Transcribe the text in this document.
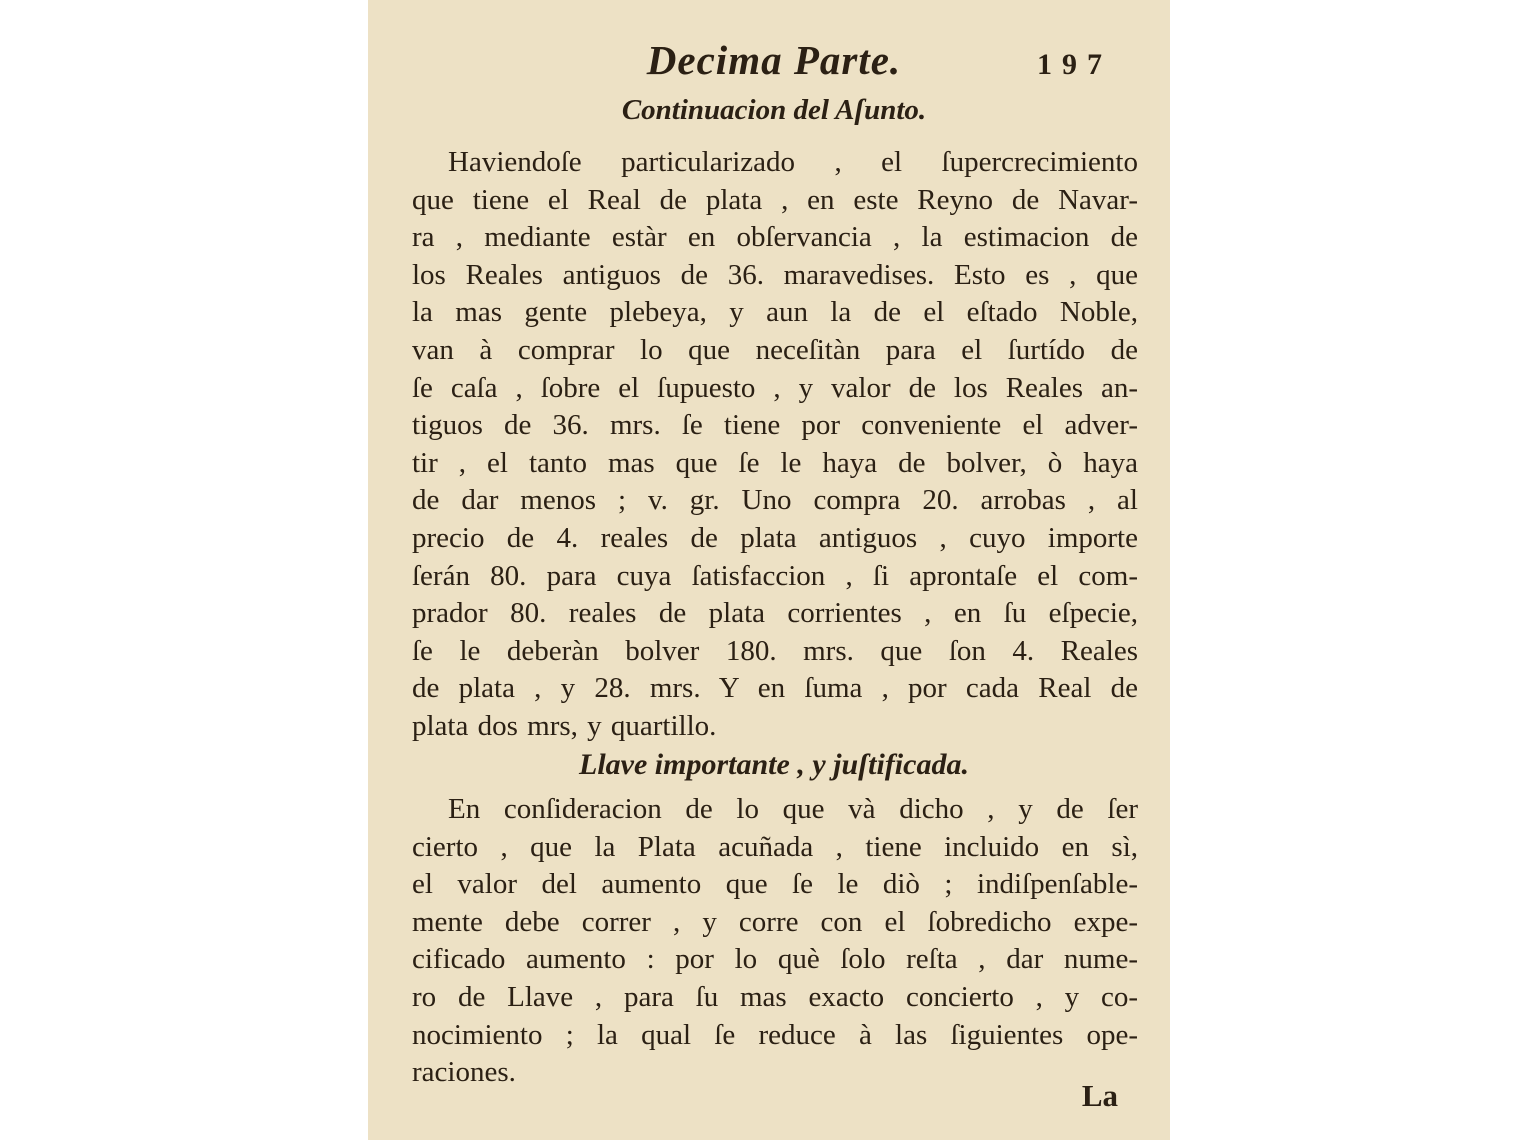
Decima Parte.	197
Continuacion del Aſunto.
Haviendoſe particularizado , el ſupercrecimiento
que tiene el Real de plata , en este Reyno de Navar-
ra , mediante estàr en obſervancia , la estimacion de
los Reales antiguos de 36. maravedises. Esto es , que
la mas gente plebeya, y aun la de el eſtado Noble,
van à comprar lo que neceſitàn para el ſurtído de
ſe caſa , ſobre el ſupuesto , y valor de los Reales an-
tiguos de 36. mrs. ſe tiene por conveniente el adver-
tir , el tanto mas que ſe le haya de bolver, ò haya
de dar menos ; v. gr. Uno compra 20. arrobas , al
precio de 4. reales de plata antiguos , cuyo importe
ſerán 80. para cuya ſatisfaccion , ſi aprontaſe el com-
prador 80. reales de plata corrientes , en ſu eſpecie,
ſe le deberàn bolver 180. mrs. que ſon 4. Reales
de plata , y 28. mrs. Y en ſuma , por cada Real de
plata dos mrs, y quartillo.
Llave importante , y juſtificada.
En conſideracion de lo que và dicho , y de ſer
cierto , que la Plata acuñada , tiene incluido en sì,
el valor del aumento que ſe le diò ; indiſpenſable-
mente debe correr , y corre con el ſobredicho expe-
cificado aumento : por lo què ſolo reſta , dar nume-
ro de Llave , para ſu mas exacto concierto , y co-
nocimiento ; la qual ſe reduce à las ſiguientes ope-
raciones.
La
